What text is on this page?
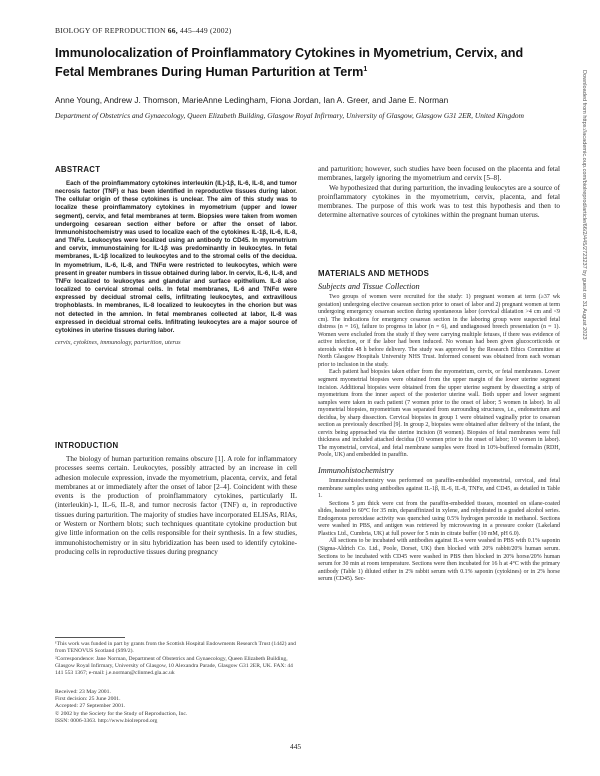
BIOLOGY OF REPRODUCTION 66, 445–449 (2002)
Immunolocalization of Proinflammatory Cytokines in Myometrium, Cervix, and Fetal Membranes During Human Parturition at Term$^1$
Anne Young, Andrew J. Thomson, MarieAnne Ledingham, Fiona Jordan, Ian A. Greer, and Jane E. Norman
Department of Obstetrics and Gynaecology, Queen Elizabeth Building, Glasgow Royal Infirmary, University of Glasgow, Glasgow G31 2ER, United Kingdom
ABSTRACT
Each of the proinflammatory cytokines interleukin (IL)-1β, IL-6, IL-8, and tumor necrosis factor (TNF) α has been identified in reproductive tissues during labor. The cellular origin of these cytokines is unclear. The aim of this study was to localize these proinflammatory cytokines in myometrium (upper and lower segment), cervix, and fetal membranes at term. Biopsies were taken from women undergoing cesarean section either before or after the onset of labor. Immunohistochemistry was used to localize each of the cytokines IL-1β, IL-6, IL-8, and TNFα. Leukocytes were localized using an antibody to CD45. In myometrium and cervix, immunostaining for IL-1β was predominantly in leukocytes. In fetal membranes, IL-1β localized to leukocytes and to the stromal cells of the decidua. In myometrium, IL-6, IL-8, and TNFα were restricted to leukocytes, which were present in greater numbers in tissue obtained during labor. In cervix, IL-6, IL-8, and TNFα localized to leukocytes and glandular and surface epithelium. IL-8 also localized to cervical stromal cells. In fetal membranes, IL-6 and TNFα were expressed by decidual stromal cells, infiltrating leukocytes, and extravillous trophoblasts. In membranes, IL-8 localized to leukocytes in the chorion but was not detected in the amnion. In fetal membranes collected at labor, IL-8 was expressed in decidual stromal cells. Infiltrating leukocytes are a major source of cytokines in uterine tissues during labor.
cervix, cytokines, immunology, parturition, uterus
INTRODUCTION
The biology of human parturition remains obscure [1]. A role for inflammatory processes seems certain. Leukocytes, possibly attracted by an increase in cell adhesion molecule expression, invade the myometrium, placenta, cervix, and fetal membranes at or immediately after the onset of labor [2–4]. Coincident with these events is the production of proinflammatory cytokines, particularly IL (interleukin)-1, IL-6, IL-8, and tumor necrosis factor (TNF) α, in reproductive tissues during parturition. The majority of studies have incorporated ELISAs, RIAs, or Western or Northern blots; such techniques quantitate cytokine production but give little information on the cells responsible for their synthesis. In a few studies, immunohistochemistry or in situ hybridization has been used to identify cytokine-producing cells in reproductive tissues during pregnancy
¹This work was funded in part by grants from the Scottish Hospital Endowments Research Trust (1442) and from TENOVUS Scotland (S99/2).
²Correspondence: Jane Norman, Department of Obstetrics and Gynaecology, Queen Elizabeth Building, Glasgow Royal Infirmary, University of Glasgow, 10 Alexandra Parade, Glasgow G31 2ER, UK. FAX: 44 141 553 1367; e-mail: j.e.norman@clinmed.gla.ac.uk
Received: 23 May 2001.
First decision: 25 June 2001.
Accepted: 27 September 2001.
© 2002 by the Society for the Study of Reproduction, Inc.
ISSN: 0006-3363. http://www.biolreprod.org
and parturition; however, such studies have been focused on the placenta and fetal membranes, largely ignoring the myometrium and cervix [5–8].
We hypothesized that during parturition, the invading leukocytes are a source of proinflammatory cytokines in the myometrium, cervix, placenta, and fetal membranes. The purpose of this work was to test this hypothesis and then to determine alternative sources of cytokines within the pregnant human uterus.
MATERIALS AND METHODS
Subjects and Tissue Collection
Two groups of women were recruited for the study: 1) pregnant women at term (≥37 wk gestation) undergoing elective cesarean section prior to onset of labor and 2) pregnant women at term undergoing emergency cesarean section during spontaneous labor (cervical dilatation >4 cm and <9 cm). The indications for emergency cesarean section in the laboring group were suspected fetal distress (n = 16), failure to progress in labor (n = 6), and undiagnosed breech presentation (n = 1). Women were excluded from the study if they were carrying multiple fetuses, if there was evidence of active infection, or if the labor had been induced. No woman had been given glucocorticoids or steroids within 48 h before delivery. The study was approved by the Research Ethics Committee at North Glasgow Hospitals University NHS Trust. Informed consent was obtained from each woman prior to inclusion in the study.
Each patient had biopsies taken either from the myometrium, cervix, or fetal membranes. Lower segment myometrial biopsies were obtained from the upper margin of the lower uterine segment incision. Additional biopsies were obtained from the upper uterine segment by dissecting a strip of myometrium from the inner aspect of the posterior uterine wall. Both upper and lower segment samples were taken in each patient (7 women prior to the onset of labor; 5 women in labor). In all myometrial biopsies, myometrium was separated from surrounding structures, i.e., endometrium and decidua, by sharp dissection. Cervical biopsies in group 1 were obtained vaginally prior to cesarean section as previously described [9]. In group 2, biopsies were obtained after delivery of the infant, the cervix being approached via the uterine incision (8 women). Biopsies of fetal membranes were full thickness and included attached decidua (10 women prior to the onset of labor; 10 women in labor). The myometrial, cervical, and fetal membrane samples were fixed in 10%-buffered formalin (RDH, Poole, UK) and embedded in paraffin.
Immunohistochemistry
Immunohistochemistry was performed on paraffin-embedded myometrial, cervical, and fetal membrane samples using antibodies against IL-1β, IL-6, IL-8, TNFα, and CD45, as detailed in Table 1.
Sections 5 μm thick were cut from the paraffin-embedded tissues, mounted on silane-coated slides, heated to 60°C for 35 min, deparaffinized in xylene, and rehydrated in a graded alcohol series. Endogenous peroxidase activity was quenched using 0.5% hydrogen peroxide in methanol. Sections were washed in PBS, and antigen was retrieved by microwaving in a pressure cooker (Lakeland Plastics Ltd., Cumbria, UK) at full power for 5 min in citrate buffer (10 mM, pH 6.0).
All sections to be incubated with antibodies against IL-s were washed in PBS with 0.1% saponin (Sigma-Aldrich Co. Ltd., Poole, Dorset, UK) then blocked with 20% rabbit/20% human serum. Sections to be incubated with CD45 were washed in PBS then blocked in 20% horse/20% human serum for 30 min at room temperature. Sections were then incubated for 16 h at 4°C with the primary antibody (Table 1) diluted either in 2% rabbit serum with 0.1% saponin (cytokines) or in 2% horse serum (CD45). Sec-
445
Downloaded from https://academic.oup.com/biolreprod/article/66/2/445/2723237 by guest on 31 August 2023
